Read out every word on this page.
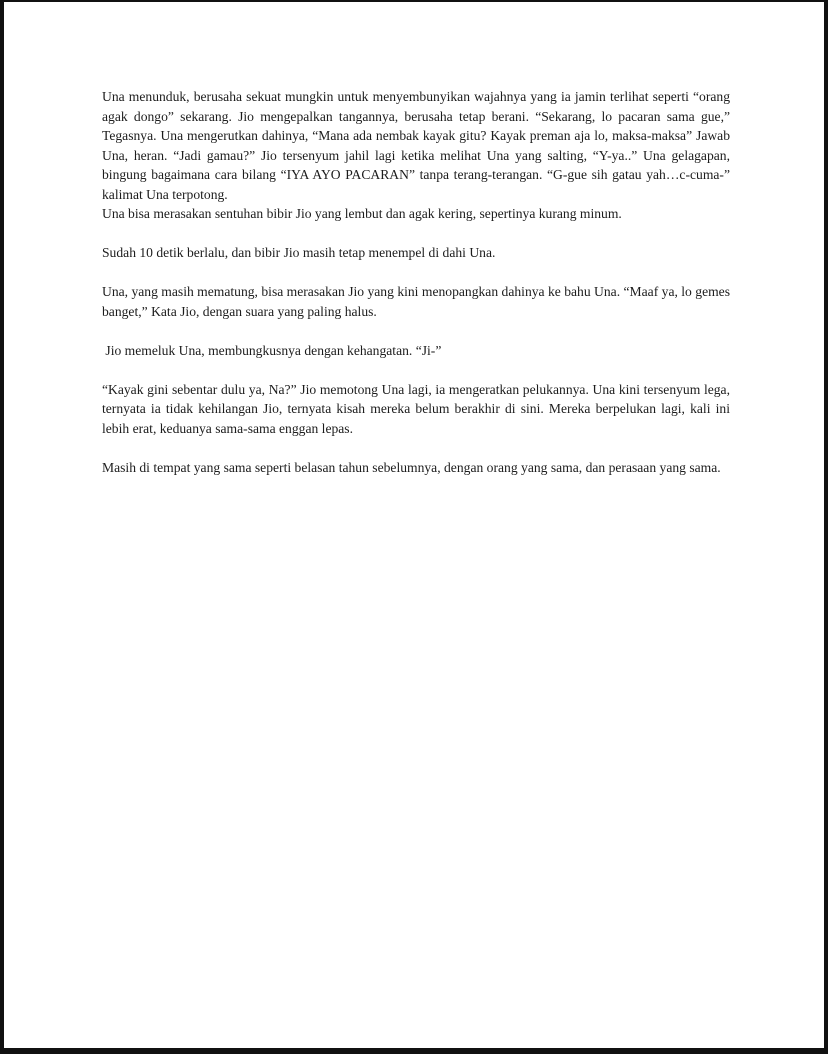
Una menunduk, berusaha sekuat mungkin untuk menyembunyikan wajahnya yang ia jamin terlihat seperti “orang agak dongo” sekarang. Jio mengepalkan tangannya, berusaha tetap berani. “Sekarang, lo pacaran sama gue,” Tegasnya. Una mengerutkan dahinya, “Mana ada nembak kayak gitu? Kayak preman aja lo, maksa-maksa” Jawab Una, heran. “Jadi gamau?” Jio tersenyum jahil lagi ketika melihat Una yang salting, “Y-ya..” Una gelagapan, bingung bagaimana cara bilang “IYA AYO PACARAN” tanpa terang-terangan. “G-gue sih gatau yah…c-cuma-” kalimat Una terpotong.

Una bisa merasakan sentuhan bibir Jio yang lembut dan agak kering, sepertinya kurang minum.

Sudah 10 detik berlalu, dan bibir Jio masih tetap menempel di dahi Una.

Una, yang masih mematung, bisa merasakan Jio yang kini menopangkan dahinya ke bahu Una. “Maaf ya, lo gemes banget,” Kata Jio, dengan suara yang paling halus.

Jio memeluk Una, membungkusnya dengan kehangatan. “Ji-”

“Kayak gini sebentar dulu ya, Na?” Jio memotong Una lagi, ia mengeratkan pelukannya. Una kini tersenyum lega, ternyata ia tidak kehilangan Jio, ternyata kisah mereka belum berakhir di sini. Mereka berpelukan lagi, kali ini lebih erat, keduanya sama-sama enggan lepas.

Masih di tempat yang sama seperti belasan tahun sebelumnya, dengan orang yang sama, dan perasaan yang sama.
